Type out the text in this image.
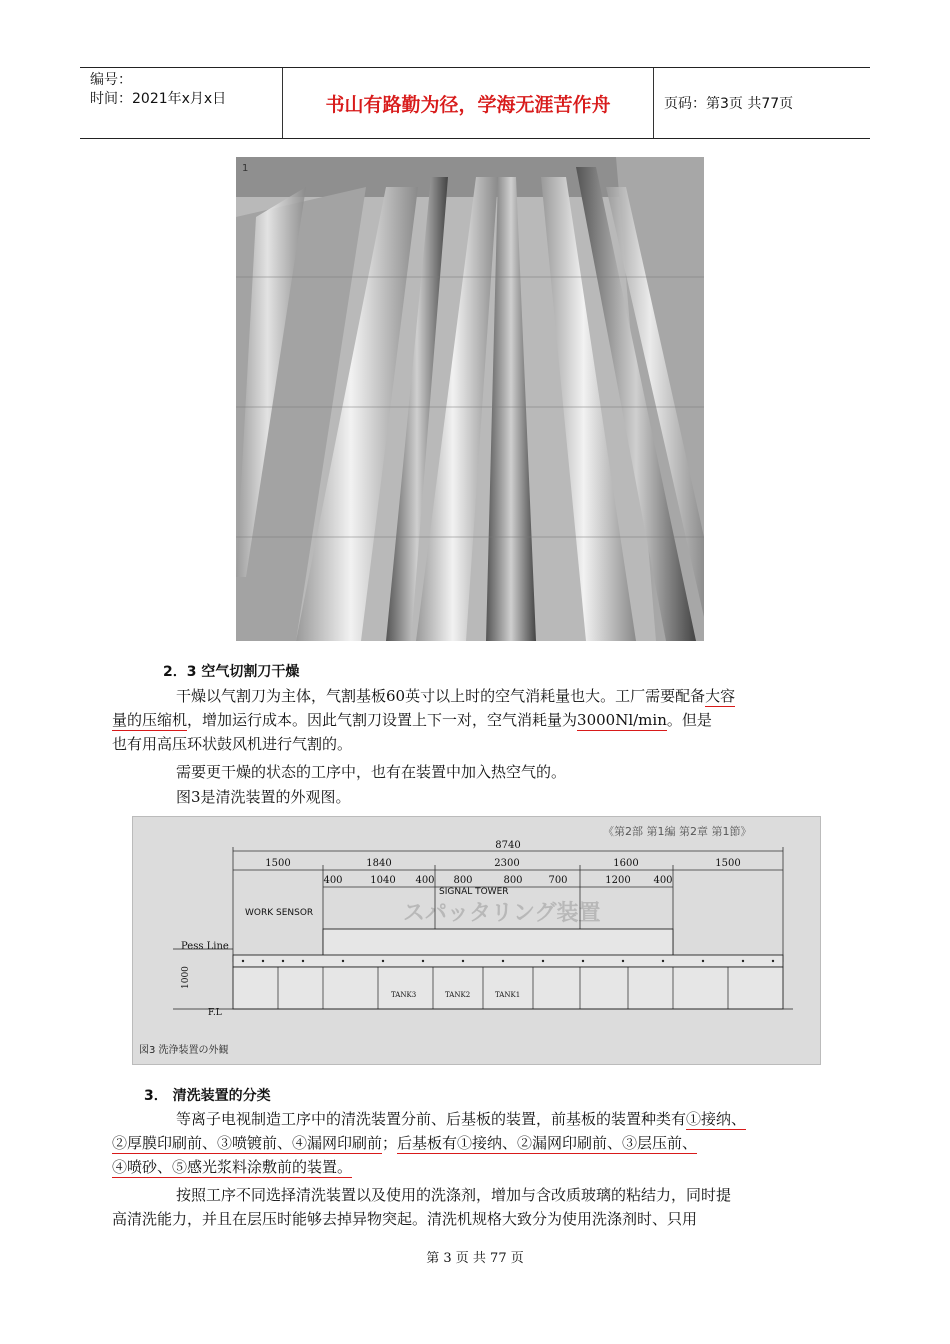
编号：
时间：2021年x月x日	书山有路勤为径，学海无涯苦作舟	页码：第3页 共77页
1
2．3 空气切割刀干燥
干燥以气割刀为主体，气割基板60英寸以上时的空气消耗量也大。工厂需要配备大容
量的压缩机，增加运行成本。因此气割刀设置上下一对，空气消耗量为3000Nl/min。但是
也有用高压环状鼓风机进行气割的。
需要更干燥的状态的工序中，也有在装置中加入热空气的。
图3是清洗装置的外观图。
《第2部 第1編 第2章 第1節》
スパッタリング装置
8740
1500	1840	2300	1600	1500
400	1040 400 800	800	700	1200 400
WORK SENSOR
SIGNAL TOWER
Pess Line
1000
F.L
TANK3	TANK2	TANK1
図3 洗浄装置の外観
3． 清洗装置的分类
等离子电视制造工序中的清洗装置分前、后基板的装置，前基板的装置种类有①接纳、
②厚膜印刷前、③喷镀前、④漏网印刷前；后基板有①接纳、②漏网印刷前、③层压前、
④喷砂、⑤感光浆料涂敷前的装置。
按照工序不同选择清洗装置以及使用的洗涤剂，增加与含改质玻璃的粘结力，同时提
高清洗能力，并且在层压时能够去掉异物突起。清洗机规格大致分为使用洗涤剂时、只用
第 3 页 共 77 页
